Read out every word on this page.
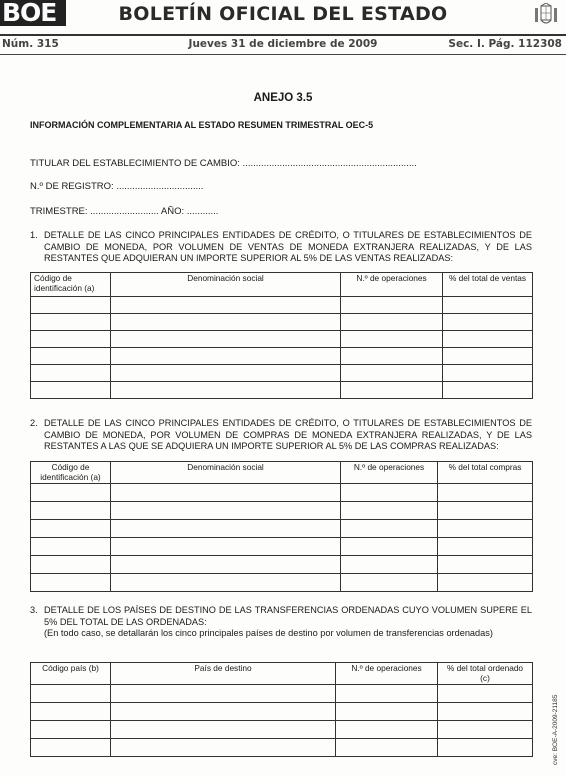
BOE	BOLETÍN OFICIAL DEL ESTADO
Núm. 315	Jueves 31 de diciembre de 2009	Sec. I. Pág. 112308
ANEJO 3.5
INFORMACIÓN COMPLEMENTARIA AL ESTADO RESUMEN TRIMESTRAL OEC-5
TITULAR DEL ESTABLECIMIENTO DE CAMBIO: ..................................................................
N.º DE REGISTRO: .................................
TRIMESTRE: .......................... AÑO: ............
1. DETALLE DE LAS CINCO PRINCIPALES ENTIDADES DE CRÉDITO, O TITULARES DE ESTABLECIMIENTOS DE CAMBIO DE MONEDA, POR VOLUMEN DE VENTAS DE MONEDA EXTRANJERA REALIZADAS, Y DE LAS RESTANTES QUE ADQUIERAN UN IMPORTE SUPERIOR AL 5% DE LAS VENTAS REALIZADAS:
Código de identificación (a)	Denominación social	N.º de operaciones	% del total de ventas

2. DETALLE DE LAS CINCO PRINCIPALES ENTIDADES DE CRÉDITO, O TITULARES DE ESTABLECIMIENTOS DE CAMBIO DE MONEDA, POR VOLUMEN DE COMPRAS DE MONEDA EXTRANJERA REALIZADAS, Y DE LAS RESTANTES A LAS QUE SE ADQUIERA UN IMPORTE SUPERIOR AL 5% DE LAS COMPRAS REALIZADAS:
Código de identificación (a)	Denominación social	N.º de operaciones	% del total compras

3. DETALLE DE LOS PAÍSES DE DESTINO DE LAS TRANSFERENCIAS ORDENADAS CUYO VOLUMEN SUPERE EL 5% DEL TOTAL DE LAS ORDENADAS:
(En todo caso, se detallarán los cinco principales países de destino por volumen de transferencias ordenadas)
Código país (b)	País de destino	N.º de operaciones	% del total ordenado (c)

cve: BOE-A-2009-21185
